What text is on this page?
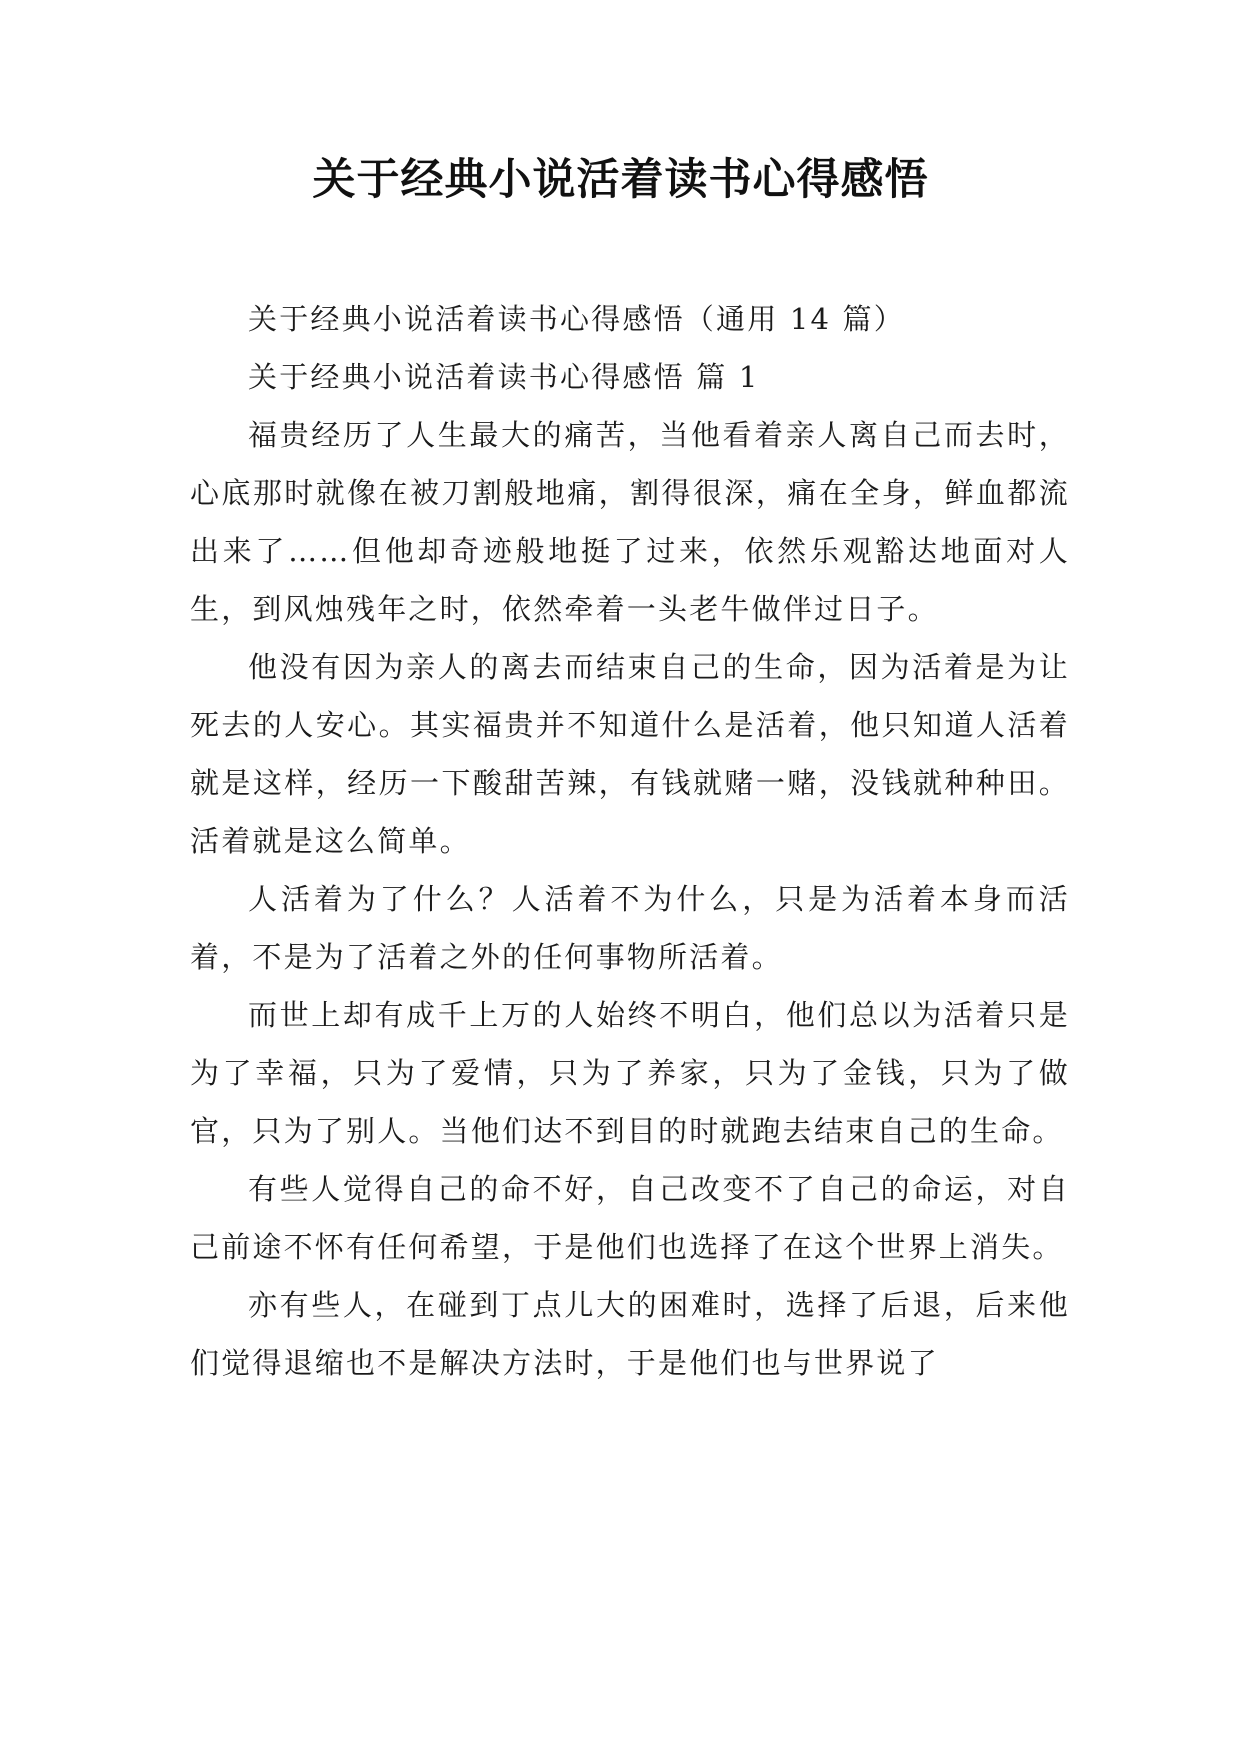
关于经典小说活着读书心得感悟

关于经典小说活着读书心得感悟（通用 14 篇）

关于经典小说活着读书心得感悟 篇 1

福贵经历了人生最大的痛苦，当他看着亲人离自己而去时，心底那时就像在被刀割般地痛，割得很深，痛在全身，鲜血都流出来了……但他却奇迹般地挺了过来，依然乐观豁达地面对人生，到风烛残年之时，依然牵着一头老牛做伴过日子。

他没有因为亲人的离去而结束自己的生命，因为活着是为让死去的人安心。其实福贵并不知道什么是活着，他只知道人活着就是这样，经历一下酸甜苦辣，有钱就赌一赌，没钱就种种田。活着就是这么简单。

人活着为了什么？人活着不为什么，只是为活着本身而活着，不是为了活着之外的任何事物所活着。

而世上却有成千上万的人始终不明白，他们总以为活着只是为了幸福，只为了爱情，只为了养家，只为了金钱，只为了做官，只为了别人。当他们达不到目的时就跑去结束自己的生命。

有些人觉得自己的命不好，自己改变不了自己的命运，对自己前途不怀有任何希望，于是他们也选择了在这个世界上消失。

亦有些人，在碰到丁点儿大的困难时，选择了后退，后来他们觉得退缩也不是解决方法时，于是他们也与世界说了
